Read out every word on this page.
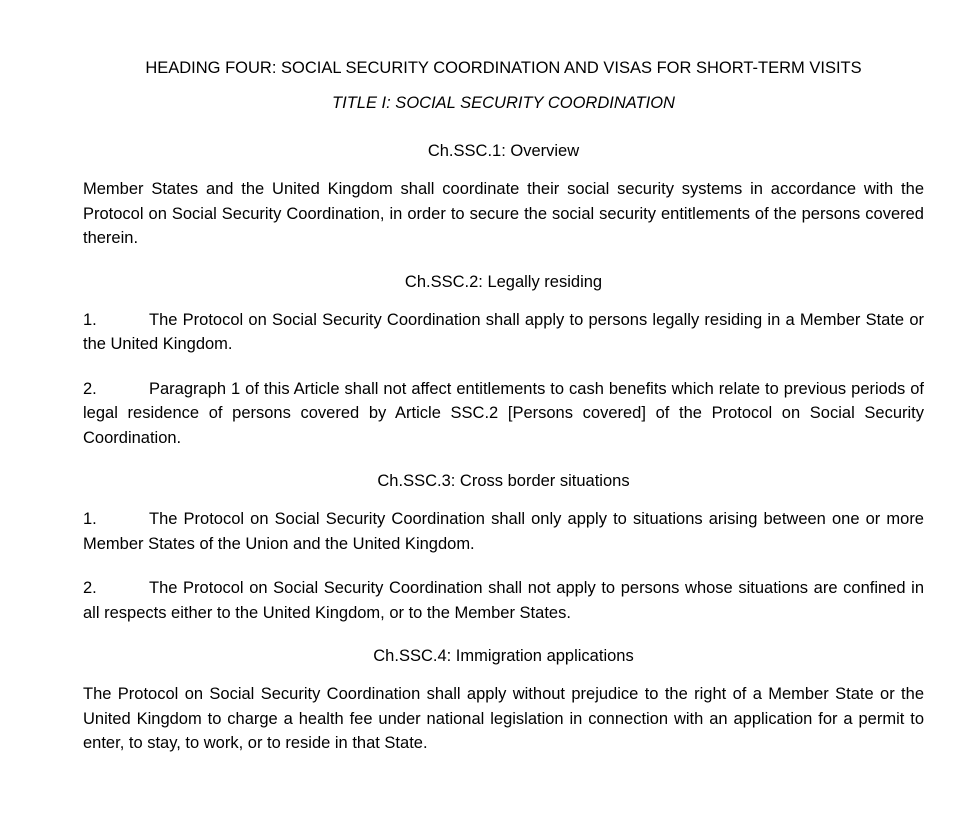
HEADING FOUR: SOCIAL SECURITY COORDINATION AND VISAS FOR SHORT-TERM VISITS
TITLE I: SOCIAL SECURITY COORDINATION
Ch.SSC.1: Overview

Member States and the United Kingdom shall coordinate their social security systems in accordance with the Protocol on Social Security Coordination, in order to secure the social security entitlements of the persons covered therein.

Ch.SSC.2: Legally residing

1.	The Protocol on Social Security Coordination shall apply to persons legally residing in a Member State or the United Kingdom.

2.	Paragraph 1 of this Article shall not affect entitlements to cash benefits which relate to previous periods of legal residence of persons covered by Article SSC.2 [Persons covered] of the Protocol on Social Security Coordination.

Ch.SSC.3: Cross border situations

1.	The Protocol on Social Security Coordination shall only apply to situations arising between one or more Member States of the Union and the United Kingdom.

2.	The Protocol on Social Security Coordination shall not apply to persons whose situations are confined in all respects either to the United Kingdom, or to the Member States.

Ch.SSC.4: Immigration applications

The Protocol on Social Security Coordination shall apply without prejudice to the right of a Member State or the United Kingdom to charge a health fee under national legislation in connection with an application for a permit to enter, to stay, to work, or to reside in that State.
